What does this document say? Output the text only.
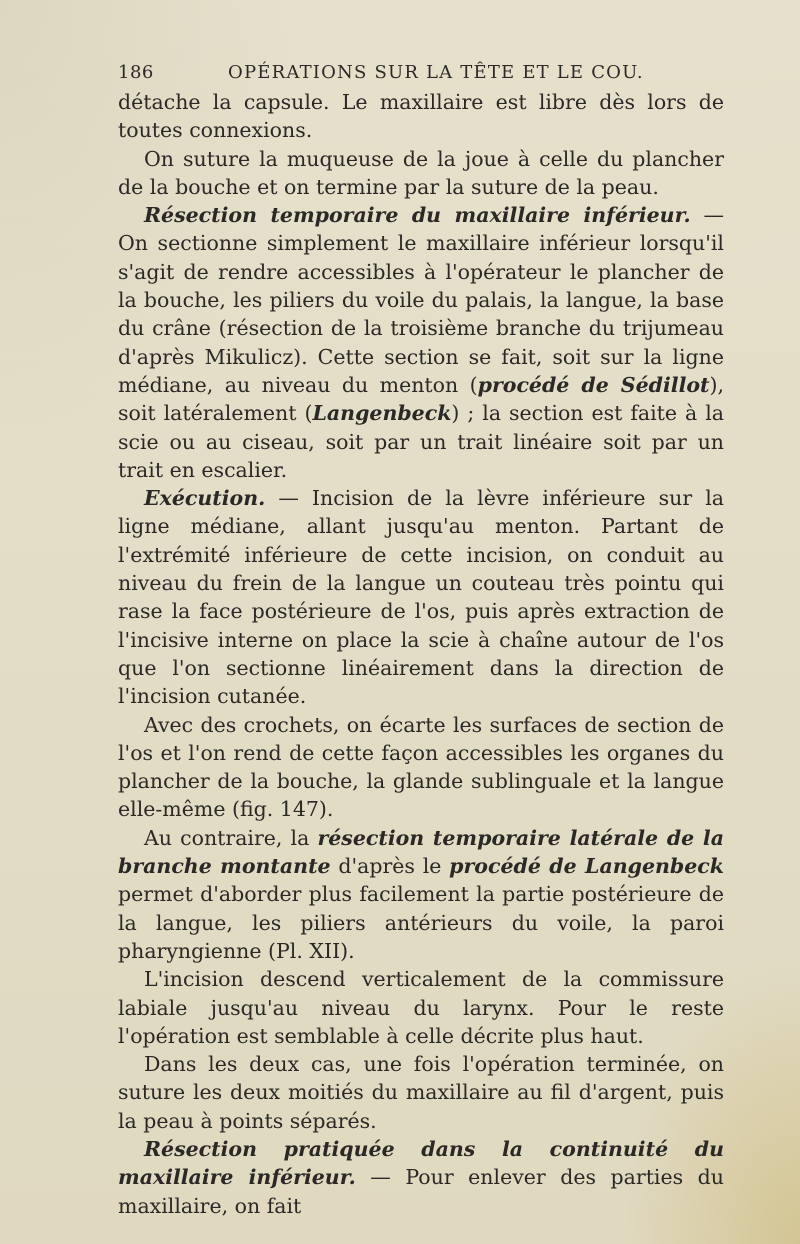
186	OPÉRATIONS SUR LA TÊTE ET LE COU.

détache la capsule. Le maxillaire est libre dès lors de toutes connexions.

On suture la muqueuse de la joue à celle du plancher de la bouche et on termine par la suture de la peau.

Résection temporaire du maxillaire inférieur. — On sectionne simplement le maxillaire inférieur lorsqu'il s'agit de rendre accessibles à l'opérateur le plancher de la bouche, les piliers du voile du palais, la langue, la base du crâne (résection de la troisième branche du trijumeau d'après Mikulicz). Cette section se fait, soit sur la ligne médiane, au niveau du menton (procédé de Sédillot), soit latéralement (Langenbeck) ; la section est faite à la scie ou au ciseau, soit par un trait linéaire soit par un trait en escalier.

Exécution. — Incision de la lèvre inférieure sur la ligne médiane, allant jusqu'au menton. Partant de l'extrémité inférieure de cette incision, on conduit au niveau du frein de la langue un couteau très pointu qui rase la face postérieure de l'os, puis après extraction de l'incisive interne on place la scie à chaîne autour de l'os que l'on sectionne linéairement dans la direction de l'incision cutanée.

Avec des crochets, on écarte les surfaces de section de l'os et l'on rend de cette façon accessibles les organes du plancher de la bouche, la glande sublinguale et la langue elle-même (fig. 147).

Au contraire, la résection temporaire latérale de la branche montante d'après le procédé de Langenbeck permet d'aborder plus facilement la partie postérieure de la langue, les piliers antérieurs du voile, la paroi pharyngienne (Pl. XII).

L'incision descend verticalement de la commissure labiale jusqu'au niveau du larynx. Pour le reste l'opération est semblable à celle décrite plus haut.

Dans les deux cas, une fois l'opération terminée, on suture les deux moitiés du maxillaire au fil d'argent, puis la peau à points séparés.

Résection pratiquée dans la continuité du maxillaire inférieur. — Pour enlever des parties du maxillaire, on fait
